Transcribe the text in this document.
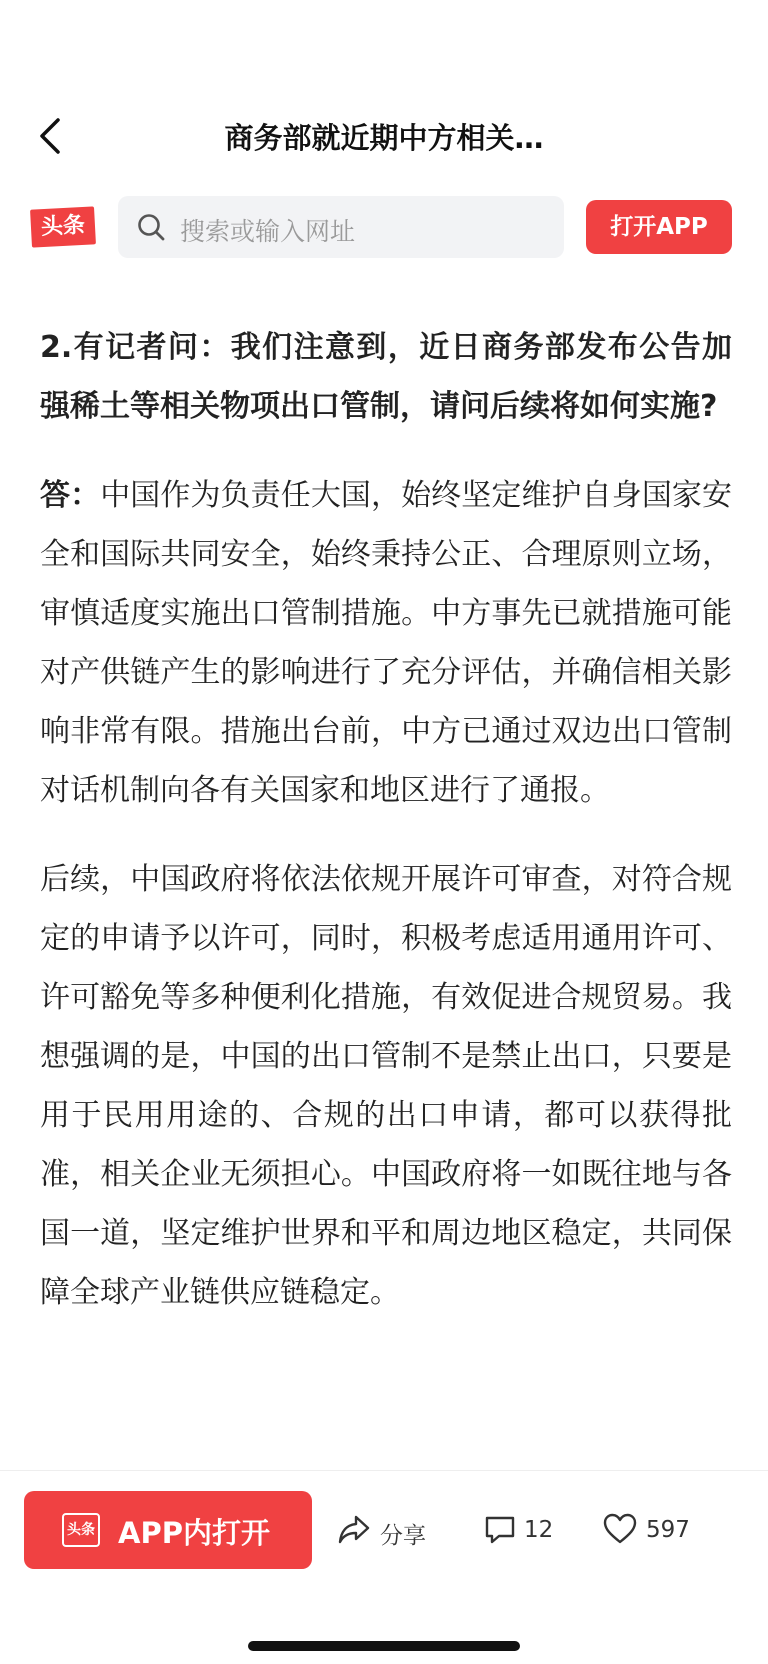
商务部就近期中方相关…
头条	搜索或输入网址	打开APP

2.有记者问：我们注意到，近日商务部发布公告加强稀土等相关物项出口管制，请问后续将如何实施?

答：中国作为负责任大国，始终坚定维护自身国家安全和国际共同安全，始终秉持公正、合理原则立场，审慎适度实施出口管制措施。中方事先已就措施可能对产供链产生的影响进行了充分评估，并确信相关影响非常有限。措施出台前，中方已通过双边出口管制对话机制向各有关国家和地区进行了通报。

后续，中国政府将依法依规开展许可审查，对符合规定的申请予以许可，同时，积极考虑适用通用许可、许可豁免等多种便利化措施，有效促进合规贸易。我想强调的是，中国的出口管制不是禁止出口，只要是用于民用用途的、合规的出口申请，都可以获得批准，相关企业无须担心。中国政府将一如既往地与各国一道，坚定维护世界和平和周边地区稳定，共同保障全球产业链供应链稳定。

头条 APP内打开	分享	12	597
